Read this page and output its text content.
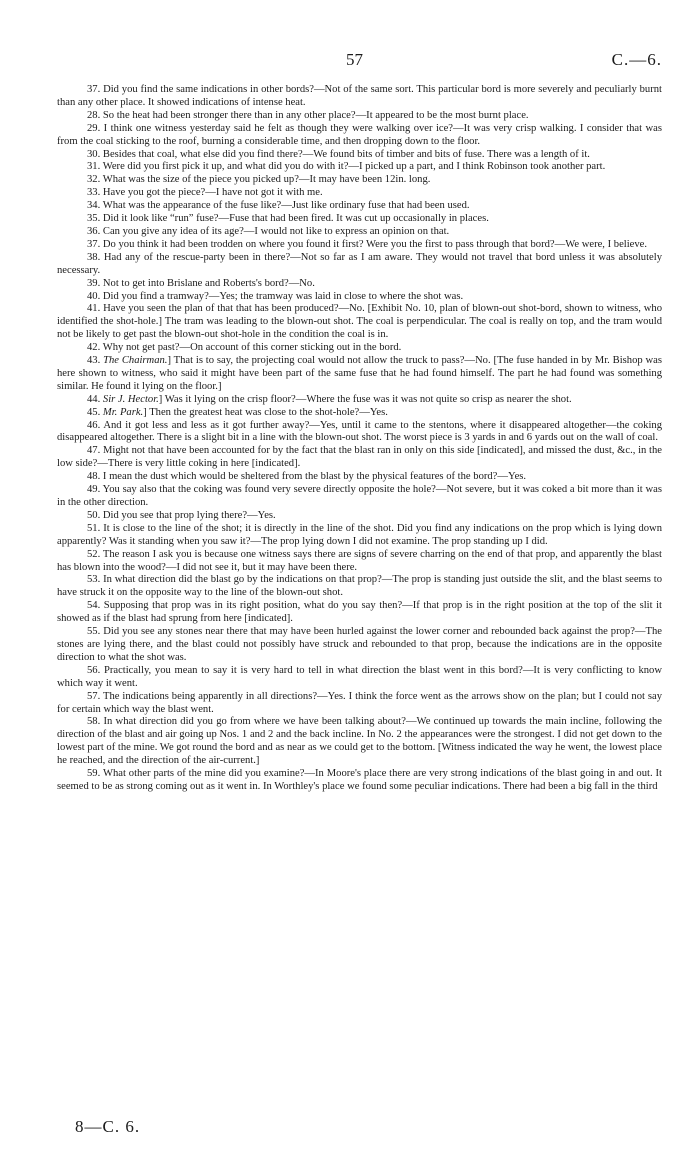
57	C.—6.

37. Did you find the same indications in other bords?—Not of the same sort. This particular bord is more severely and peculiarly burnt than any other place. It showed indications of intense heat.

28. So the heat had been stronger there than in any other place?—It appeared to be the most burnt place.

29. I think one witness yesterday said he felt as though they were walking over ice?—It was very crisp walking. I consider that was from the coal sticking to the roof, burning a considerable time, and then dropping down to the floor.

30. Besides that coal, what else did you find there?—We found bits of timber and bits of fuse. There was a length of it.

31. Were did you first pick it up, and what did you do with it?—I picked up a part, and I think Robinson took another part.

32. What was the size of the piece you picked up?—It may have been 12in. long.

33. Have you got the piece?—I have not got it with me.

34. What was the appearance of the fuse like?—Just like ordinary fuse that had been used.

35. Did it look like “run” fuse?—Fuse that had been fired. It was cut up occasionally in places.

36. Can you give any idea of its age?—I would not like to express an opinion on that.

37. Do you think it had been trodden on where you found it first? Were you the first to pass through that bord?—We were, I believe.

38. Had any of the rescue-party been in there?—Not so far as I am aware. They would not travel that bord unless it was absolutely necessary.

39. Not to get into Brislane and Roberts's bord?—No.

40. Did you find a tramway?—Yes; the tramway was laid in close to where the shot was.

41. Have you seen the plan of that that has been produced?—No. [Exhibit No. 10, plan of blown-out shot-bord, shown to witness, who identified the shot-hole.] The tram was leading to the blown-out shot. The coal is perpendicular. The coal is really on top, and the tram would not be likely to get past the blown-out shot-hole in the condition the coal is in.

42. Why not get past?—On account of this corner sticking out in the bord.

43. The Chairman.] That is to say, the projecting coal would not allow the truck to pass?—No. [The fuse handed in by Mr. Bishop was here shown to witness, who said it might have been part of the same fuse that he had found himself. The part he had found was something similar. He found it lying on the floor.]

44. Sir J. Hector.] Was it lying on the crisp floor?—Where the fuse was it was not quite so crisp as nearer the shot.

45. Mr. Park.] Then the greatest heat was close to the shot-hole?—Yes.

46. And it got less and less as it got further away?—Yes, until it came to the stentons, where it disappeared altogether—the coking disappeared altogether. There is a slight bit in a line with the blown-out shot. The worst piece is 3 yards in and 6 yards out on the wall of coal.

47. Might not that have been accounted for by the fact that the blast ran in only on this side [indicated], and missed the dust, &c., in the low side?—There is very little coking in here [indicated].

48. I mean the dust which would be sheltered from the blast by the physical features of the bord?—Yes.

49. You say also that the coking was found very severe directly opposite the hole?—Not severe, but it was coked a bit more than it was in the other direction.

50. Did you see that prop lying there?—Yes.

51. It is close to the line of the shot; it is directly in the line of the shot. Did you find any indications on the prop which is lying down apparently? Was it standing when you saw it?—The prop lying down I did not examine. The prop standing up I did.

52. The reason I ask you is because one witness says there are signs of severe charring on the end of that prop, and apparently the blast has blown into the wood?—I did not see it, but it may have been there.

53. In what direction did the blast go by the indications on that prop?—The prop is standing just outside the slit, and the blast seems to have struck it on the opposite way to the line of the blown-out shot.

54. Supposing that prop was in its right position, what do you say then?—If that prop is in the right position at the top of the slit it showed as if the blast had sprung from here [indicated].

55. Did you see any stones near there that may have been hurled against the lower corner and rebounded back against the prop?—The stones are lying there, and the blast could not possibly have struck and rebounded to that prop, because the indications are in the opposite direction to what the shot was.

56. Practically, you mean to say it is very hard to tell in what direction the blast went in this bord?—It is very conflicting to know which way it went.

57. The indications being apparently in all directions?—Yes. I think the force went as the arrows show on the plan; but I could not say for certain which way the blast went.

58. In what direction did you go from where we have been talking about?—We continued up towards the main incline, following the direction of the blast and air going up Nos. 1 and 2 and the back incline. In No. 2 the appearances were the strongest. I did not get down to the lowest part of the mine. We got round the bord and as near as we could get to the bottom. [Witness indicated the way he went, the lowest place he reached, and the direction of the air-current.]

59. What other parts of the mine did you examine?—In Moore's place there are very strong indications of the blast going in and out. It seemed to be as strong coming out as it went in. In Worthley's place we found some peculiar indications. There had been a big fall in the third

8—C. 6.
